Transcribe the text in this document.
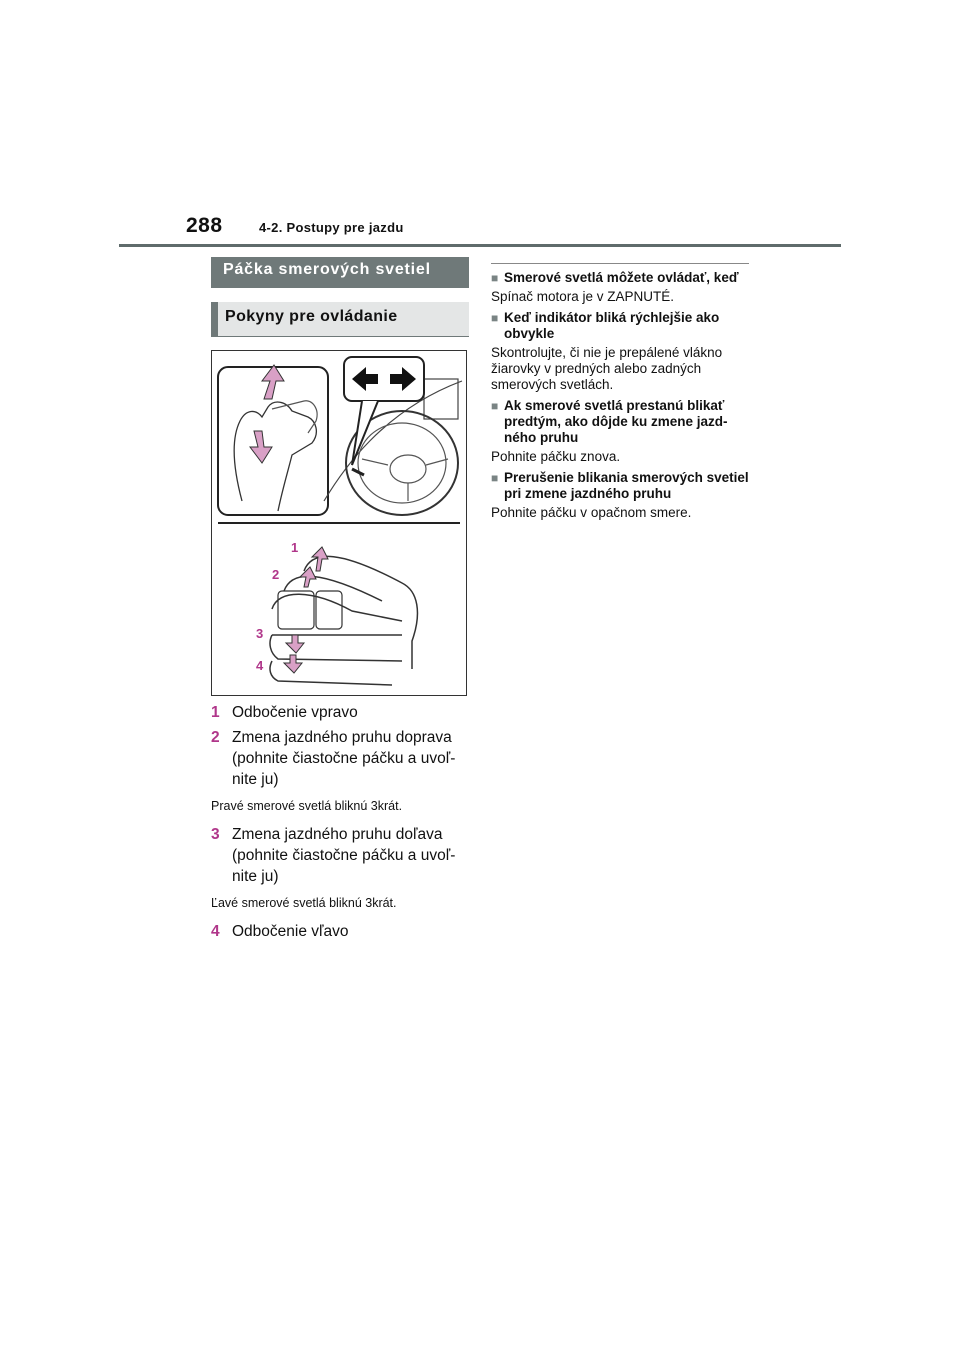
288	4-2. Postupy pre jazdu
Páčka smerových svetiel
Pokyny pre ovládanie
1
2
3
4
1 Odbočenie vpravo
2 Zmena jazdného pruhu doprava (pohnite čiastočne páčku a uvoľ-nite ju)
Pravé smerové svetlá bliknú 3krát.
3 Zmena jazdného pruhu doľava (pohnite čiastočne páčku a uvoľ-nite ju)
Ľavé smerové svetlá bliknú 3krát.
4 Odbočenie vľavo
■ Smerové svetlá môžete ovládať, keď
Spínač motora je v ZAPNUTÉ.
■ Keď indikátor bliká rýchlejšie ako obvykle
Skontrolujte, či nie je prepálené vlákno žiarovky v predných alebo zadných smerových svetlách.
■ Ak smerové svetlá prestanú blikať predtým, ako dôjde ku zmene jazd-ného pruhu
Pohnite páčku znova.
■ Prerušenie blikania smerových svetiel pri zmene jazdného pruhu
Pohnite páčku v opačnom smere.
